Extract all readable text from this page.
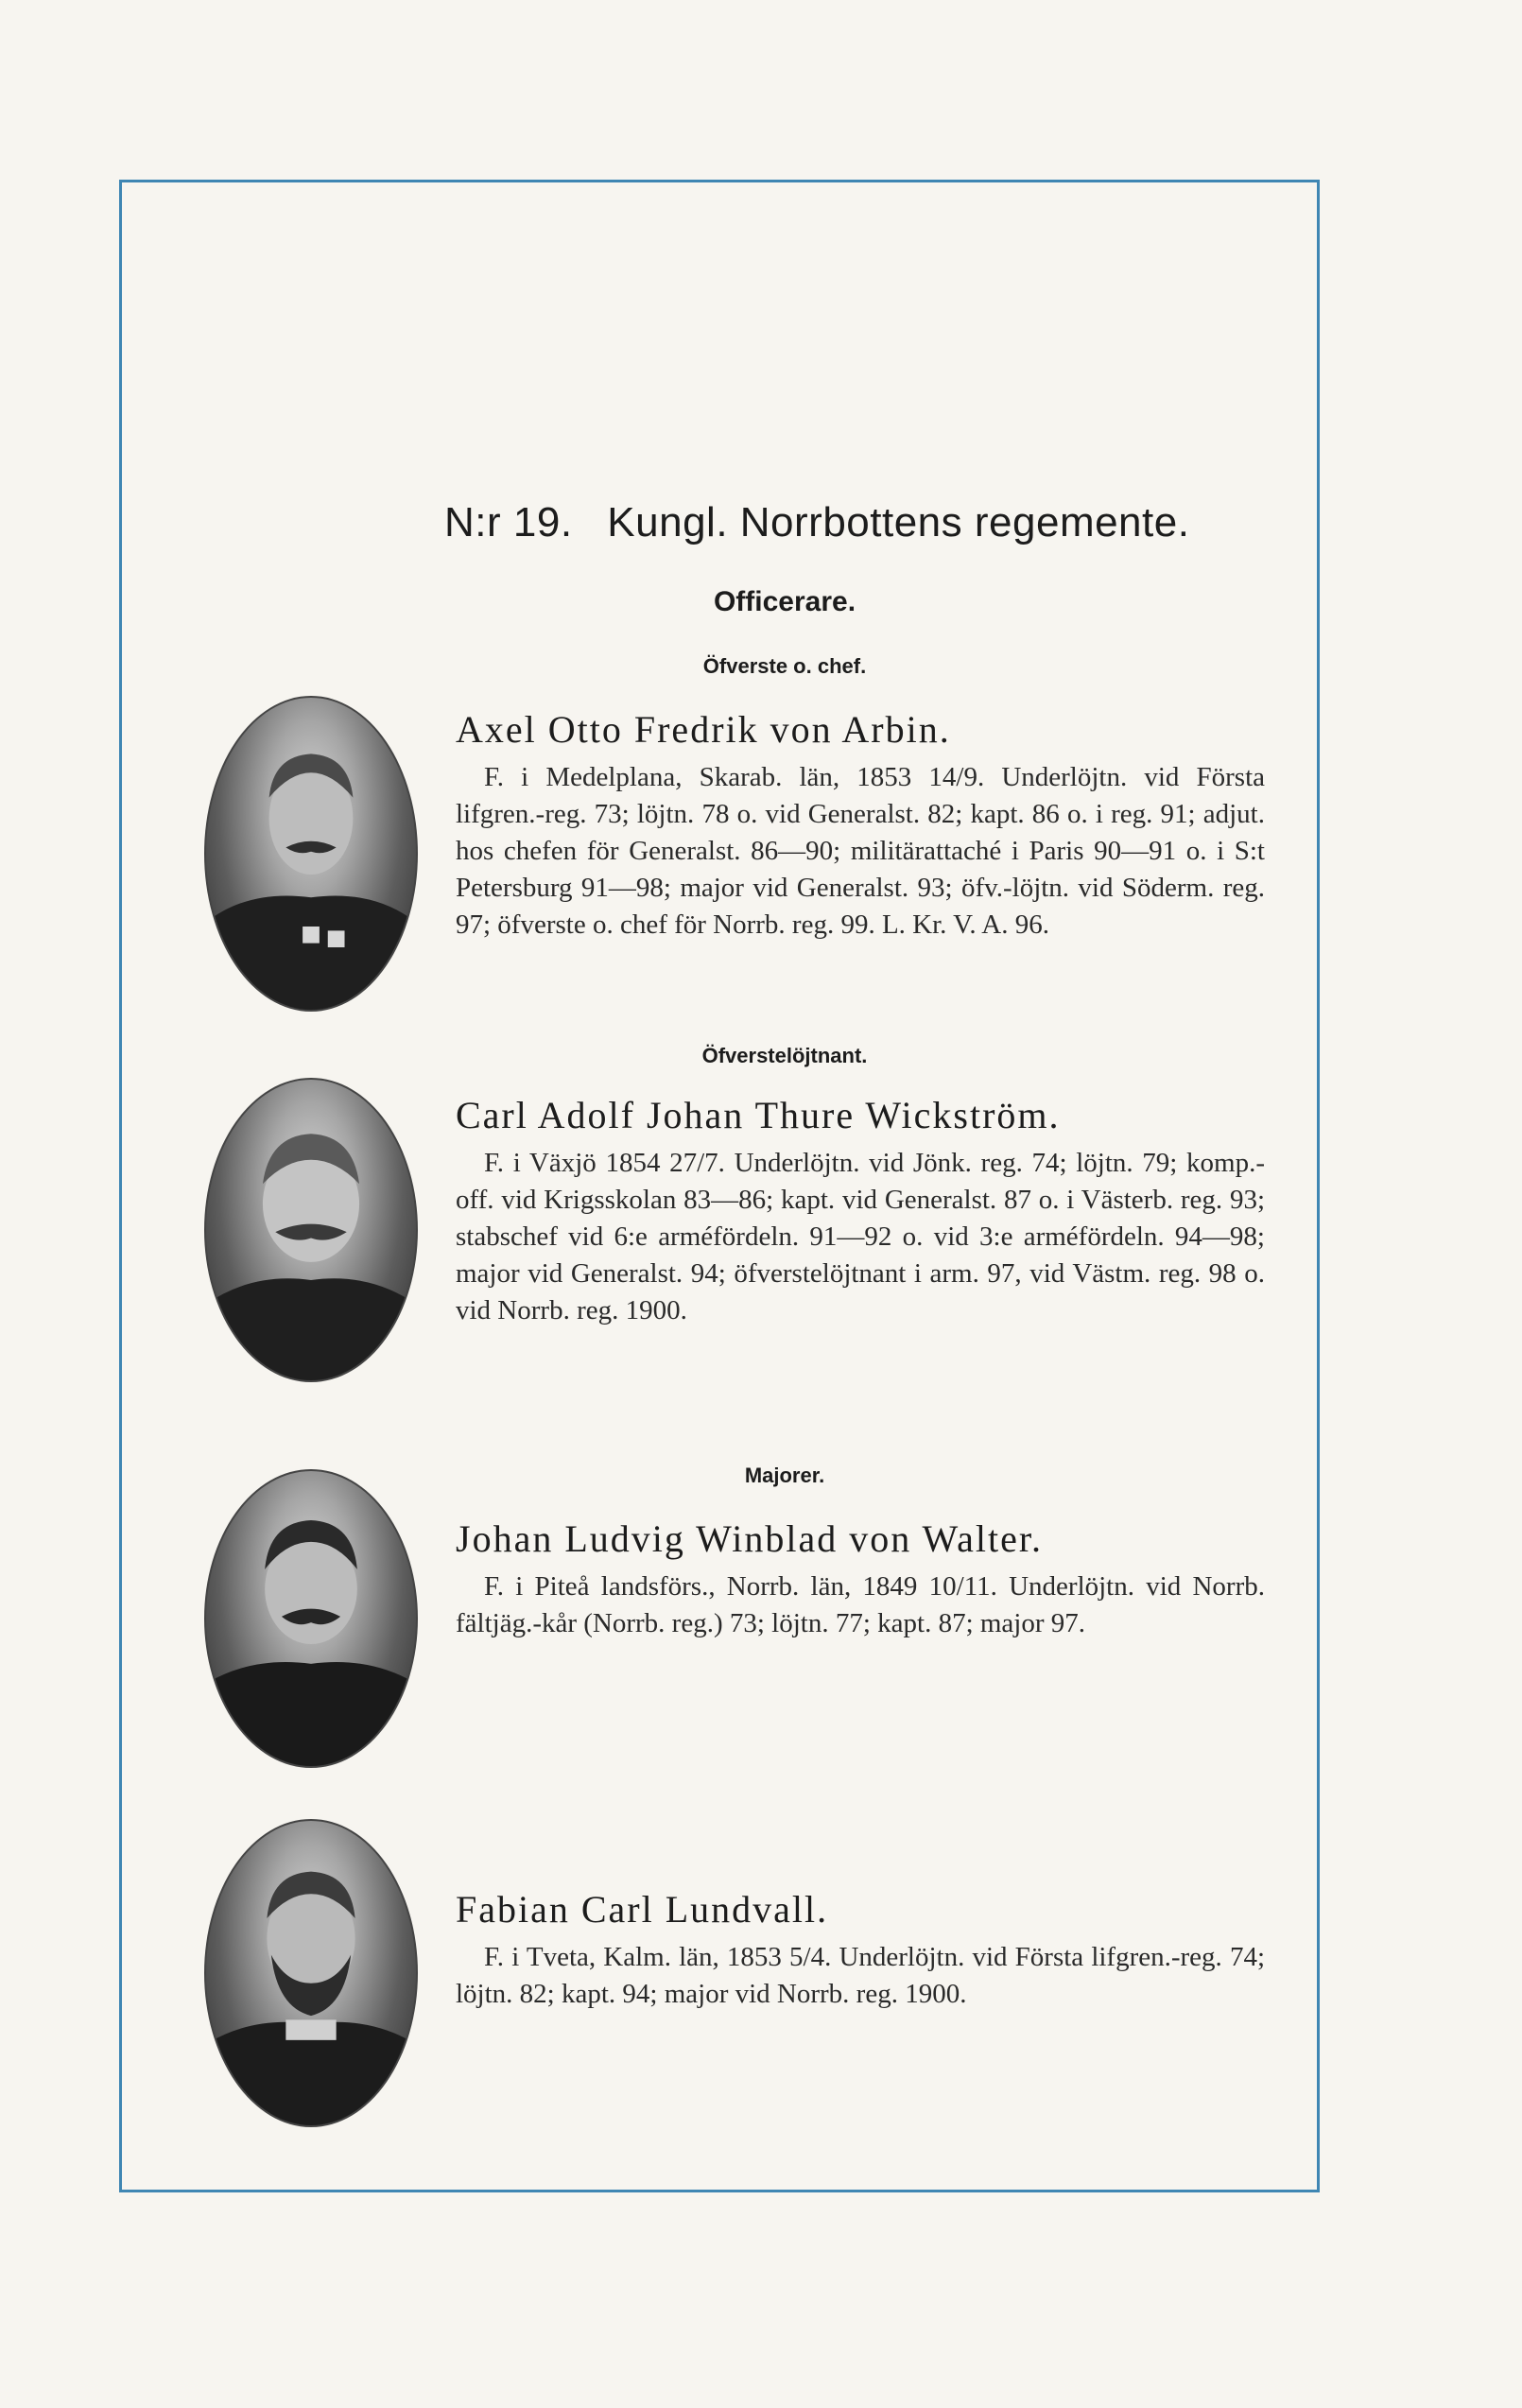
N:r 19. Kungl. Norrbottens regemente.
Officerare.
Öfverste o. chef.
Öfverstelöjtnant.
Majorer.
Axel Otto Fredrik von Arbin.
F. i Medelplana, Skarab. län, 1853 14/9. Underlöjtn. vid Första lifgren.-reg. 73; löjtn. 78 o. vid Generalst. 82; kapt. 86 o. i reg. 91; adjut. hos chefen för Generalst. 86—90; militärattaché i Paris 90—91 o. i S:t Petersburg 91—98; major vid Generalst. 93; öfv.-löjtn. vid Söderm. reg. 97; öfverste o. chef för Norrb. reg. 99. L. Kr. V. A. 96.
Carl Adolf Johan Thure Wickström.
F. i Växjö 1854 27/7. Underlöjtn. vid Jönk. reg. 74; löjtn. 79; komp.-off. vid Krigsskolan 83—86; kapt. vid Generalst. 87 o. i Västerb. reg. 93; stabschef vid 6:e arméfördeln. 91—92 o. vid 3:e arméfördeln. 94—98; major vid Generalst. 94; öfverstelöjtnant i arm. 97, vid Västm. reg. 98 o. vid Norrb. reg. 1900.
Johan Ludvig Winblad von Walter.
F. i Piteå landsförs., Norrb. län, 1849 10/11. Underlöjtn. vid Norrb. fältjäg.-kår (Norrb. reg.) 73; löjtn. 77; kapt. 87; major 97.
Fabian Carl Lundvall.
F. i Tveta, Kalm. län, 1853 5/4. Underlöjtn. vid Första lifgren.-reg. 74; löjtn. 82; kapt. 94; major vid Norrb. reg. 1900.
